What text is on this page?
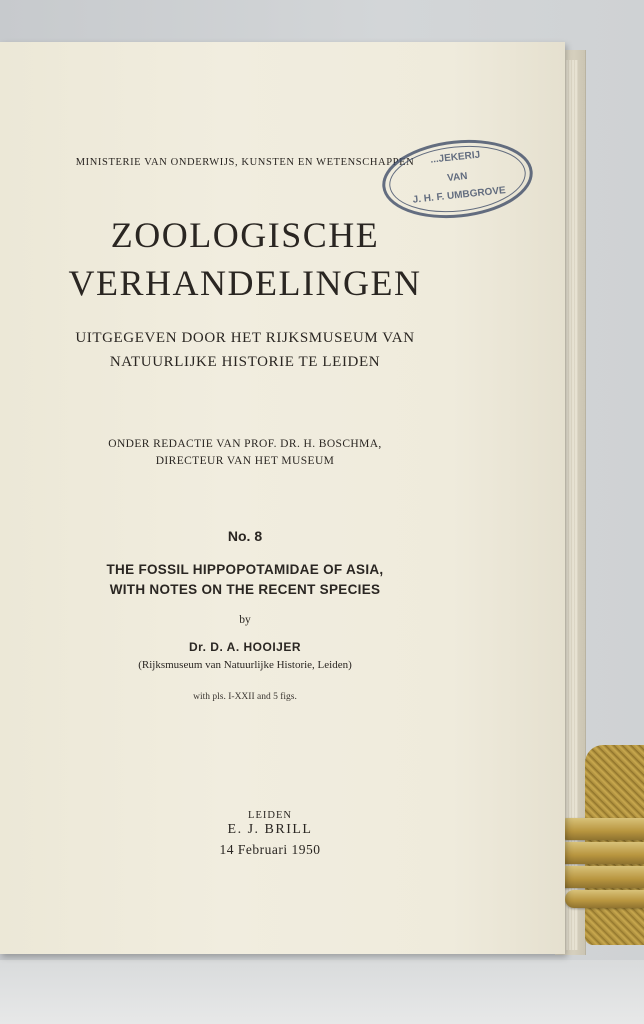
MINISTERIE VAN ONDERWIJS, KUNSTEN EN WETENSCHAPPEN	...JEKERIJ
VAN
J. H. F. UMBGROVE
ZOOLOGISCHE
VERHANDELINGEN
UITGEGEVEN DOOR HET RIJKSMUSEUM VAN
NATUURLIJKE HISTORIE TE LEIDEN
ONDER REDACTIE VAN PROF. DR. H. BOSCHMA,
DIRECTEUR VAN HET MUSEUM
No. 8
THE FOSSIL HIPPOPOTAMIDAE OF ASIA,
WITH NOTES ON THE RECENT SPECIES
by
Dr. D. A. HOOIJER
(Rijksmuseum van Natuurlijke Historie, Leiden)
with pls. I-XXII and 5 figs.
LEIDEN
E. J. BRILL
14 Februari 1950
